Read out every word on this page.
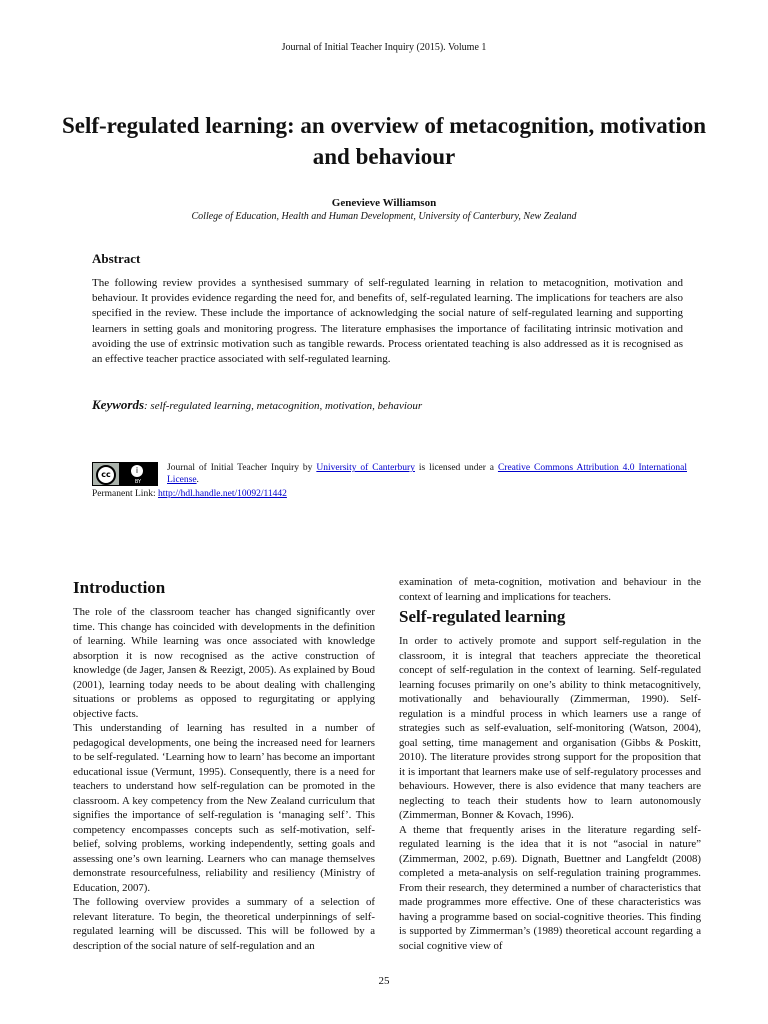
Journal of Initial Teacher Inquiry (2015). Volume 1
Self-regulated learning: an overview of metacognition, motivation and behaviour
Genevieve Williamson
College of Education, Health and Human Development, University of Canterbury, New Zealand
Abstract

The following review provides a synthesised summary of self-regulated learning in relation to metacognition, motivation and behaviour. It provides evidence regarding the need for, and benefits of, self-regulated learning. The implications for teachers are also specified in the review. These include the importance of acknowledging the social nature of self-regulated learning and supporting learners in setting goals and monitoring progress. The literature emphasises the importance of facilitating intrinsic motivation and avoiding the use of extrinsic motivation such as tangible rewards. Process orientated teaching is also addressed as it is recognised as an effective teacher practice associated with self-regulated learning.

Keywords: self-regulated learning, metacognition, motivation, behaviour
cc	i
BY
Journal of Initial Teacher Inquiry by University of Canterbury is licensed under a Creative Commons Attribution 4.0 International License.
Permanent Link: http://hdl.handle.net/10092/11442
Introduction

The role of the classroom teacher has changed significantly over time. This change has coincided with developments in the definition of learning. While learning was once associated with knowledge absorption it is now recognised as the active construction of knowledge (de Jager, Jansen & Reezigt, 2005). As explained by Boud (2001), learning today needs to be about dealing with challenging situations or problems as opposed to regurgitating or applying objective facts.

This understanding of learning has resulted in a number of pedagogical developments, one being the increased need for learners to be self-regulated. ‘Learning how to learn’ has become an important educational issue (Vermunt, 1995). Consequently, there is a need for teachers to understand how self-regulation can be promoted in the classroom. A key competency from the New Zealand curriculum that signifies the importance of self-regulation is ‘managing self’. This competency encompasses concepts such as self-motivation, self-belief, solving problems, working independently, setting goals and assessing one’s own learning. Learners who can manage themselves demonstrate resourcefulness, reliability and resiliency (Ministry of Education, 2007).

The following overview provides a summary of a selection of relevant literature. To begin, the theoretical underpinnings of self-regulated learning will be discussed. This will be followed by a description of the social nature of self-regulation and an

examination of meta-cognition, motivation and behaviour in the context of learning and implications for teachers.

Self-regulated learning

In order to actively promote and support self-regulation in the classroom, it is integral that teachers appreciate the theoretical concept of self-regulation in the context of learning. Self-regulated learning focuses primarily on one’s ability to think metacognitively, motivationally and behaviourally (Zimmerman, 1990). Self-regulation is a mindful process in which learners use a range of strategies such as self-evaluation, self-monitoring (Watson, 2004), goal setting, time management and organisation (Gibbs & Poskitt, 2010). The literature provides strong support for the proposition that it is important that learners make use of self-regulatory processes and behaviours. However, there is also evidence that many teachers are neglecting to teach their students how to learn autonomously (Zimmerman, Bonner & Kovach, 1996).

A theme that frequently arises in the literature regarding self-regulated learning is the idea that it is not “asocial in nature” (Zimmerman, 2002, p.69). Dignath, Buettner and Langfeldt (2008) completed a meta-analysis on self-regulation training programmes. From their research, they determined a number of characteristics that made programmes more effective. One of these characteristics was having a programme based on social-cognitive theories. This finding is supported by Zimmerman’s (1989) theoretical account regarding a social cognitive view of

25
